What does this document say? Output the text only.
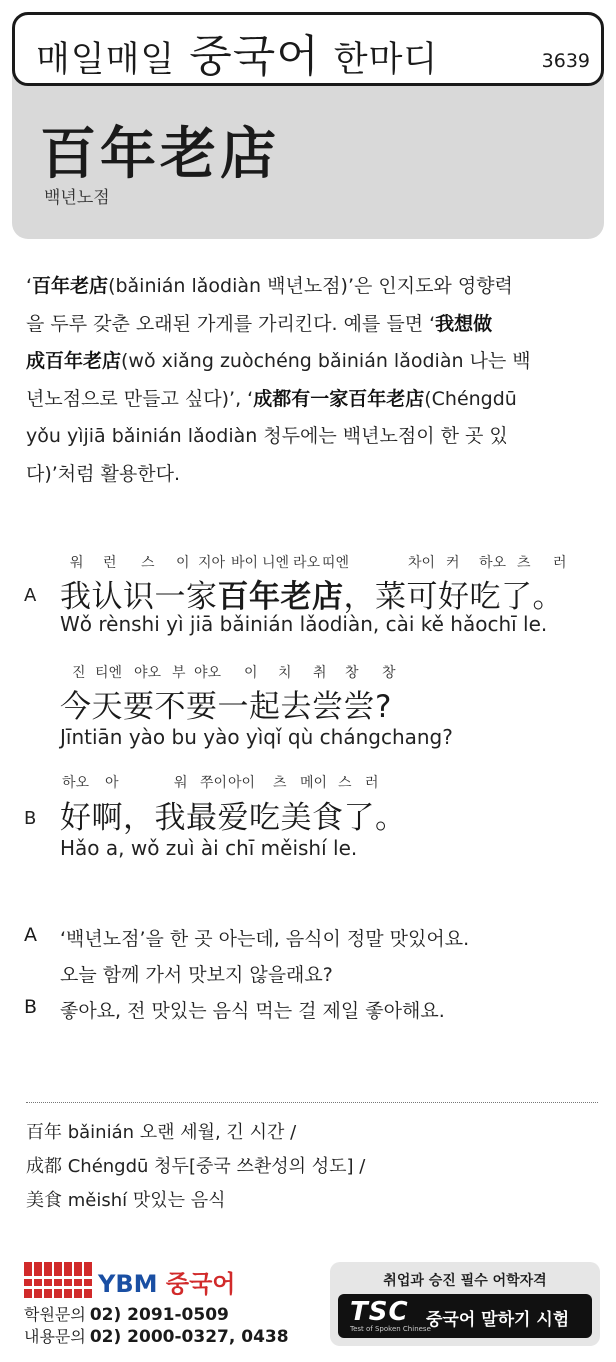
매일매일 중국어 한마디	3639
百年老店
백년노점
‘百年老店(bǎinián lǎodiàn 백년노점)’은 인지도와 영향력
을 두루 갖춘 오래된 가게를 가리킨다. 예를 들면 ‘我想做
成百年老店(wǒ xiǎng zuòchéng bǎinián lǎodiàn 나는 백
년노점으로 만들고 싶다)’, ‘成都有一家百年老店(Chéngdū
yǒu yìjiā bǎinián lǎodiàn 청두에는 백년노점이 한 곳 있
다)’처럼 활용한다.
A
워 런 스 이 지아 바이 니엔 라오 띠엔	차이 커 하오 츠 러
我认识一家百年老店，菜可好吃了。
Wǒ rènshi yì jiā bǎinián lǎodiàn, cài kě hǎochī le.
진 티엔 야오 부 야오 이 치 취 창 창
今天要不要一起去尝尝?
Jīntiān yào bu yào yìqǐ qù chángchang?
B
하오 아	워 쭈이 아이 츠 메이 스 러
好啊，我最爱吃美食了。
Hǎo a, wǒ zuì ài chī měishí le.
A ‘백년노점’을 한 곳 아는데, 음식이 정말 맛있어요.
오늘 함께 가서 맛보지 않을래요?
B 좋아요, 전 맛있는 음식 먹는 걸 제일 좋아해요.
百年 bǎinián 오랜 세월, 긴 시간 /
成都 Chéngdū 청두[중국 쓰촨성의 성도] /
美食 měishí 맛있는 음식
YBM 중국어
학원문의 02) 2091-0509
내용문의 02) 2000-0327, 0438
취업과 승진 필수 어학자격
TSC
Test of Spoken Chinese
중국어 말하기 시험
